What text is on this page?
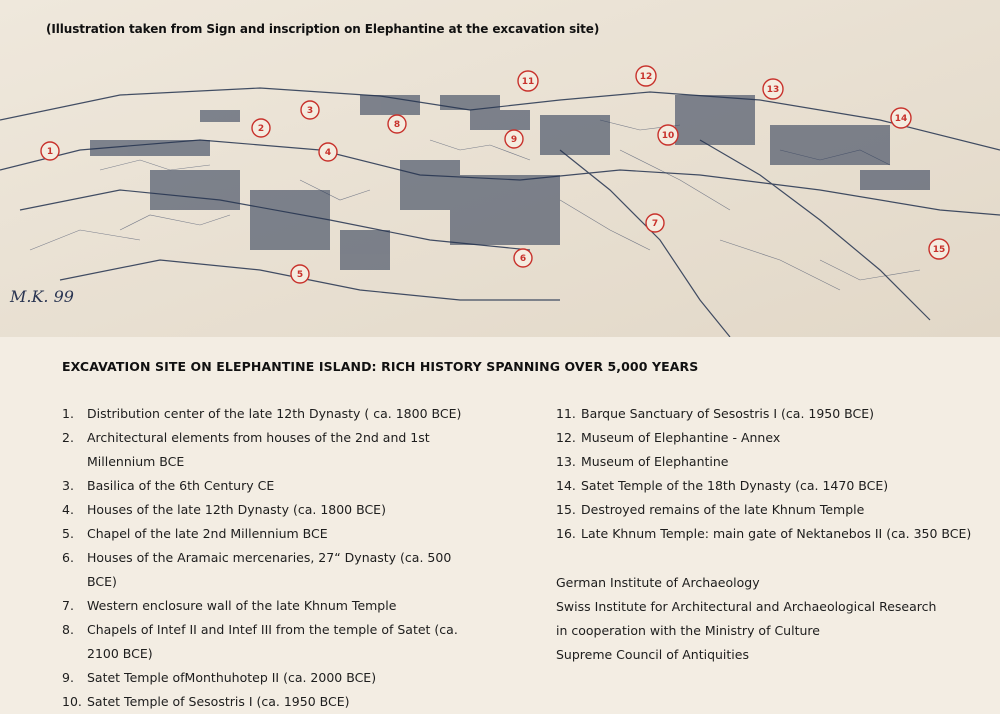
M.K. 99
1
2
3
4
5
6
7
8
9	10
11	12
13
14
15
(Illustration taken from Sign and inscription on Elephantine at the excavation site)
EXCAVATION SITE ON ELEPHANTINE ISLAND: RICH HISTORY SPANNING OVER 5,000 YEARS
1.	Distribution center of the late 12th Dynasty ( ca. 1800 BCE)
2.	Architectural elements from houses of the 2nd and 1st Millennium BCE
3.	Basilica of the 6th Century CE
4.	Houses of the late 12th Dynasty (ca. 1800 BCE)
5.	Chapel of the late 2nd Millennium BCE
6.	Houses of the Aramaic mercenaries, 27“ Dynasty (ca. 500 BCE)
7.	Western enclosure wall of the late Khnum Temple
8.	Chapels of Intef II and Intef III from the temple of Satet (ca. 2100 BCE)
9.	Satet Temple ofMonthuhotep II (ca. 2000 BCE)
10. Satet Temple of Sesostris I (ca. 1950 BCE)
11. Barque Sanctuary of Sesostris I (ca. 1950 BCE)
12. Museum of Elephantine - Annex
13. Museum of Elephantine
14. Satet Temple of the 18th Dynasty (ca. 1470 BCE)
15. Destroyed remains of the late Khnum Temple
16. Late Khnum Temple: main gate of Nektanebos II (ca. 350 BCE)
German Institute of Archaeology
Swiss Institute for Architectural and Archaeological Research
in cooperation with the Ministry of Culture
Supreme Council of Antiquities
